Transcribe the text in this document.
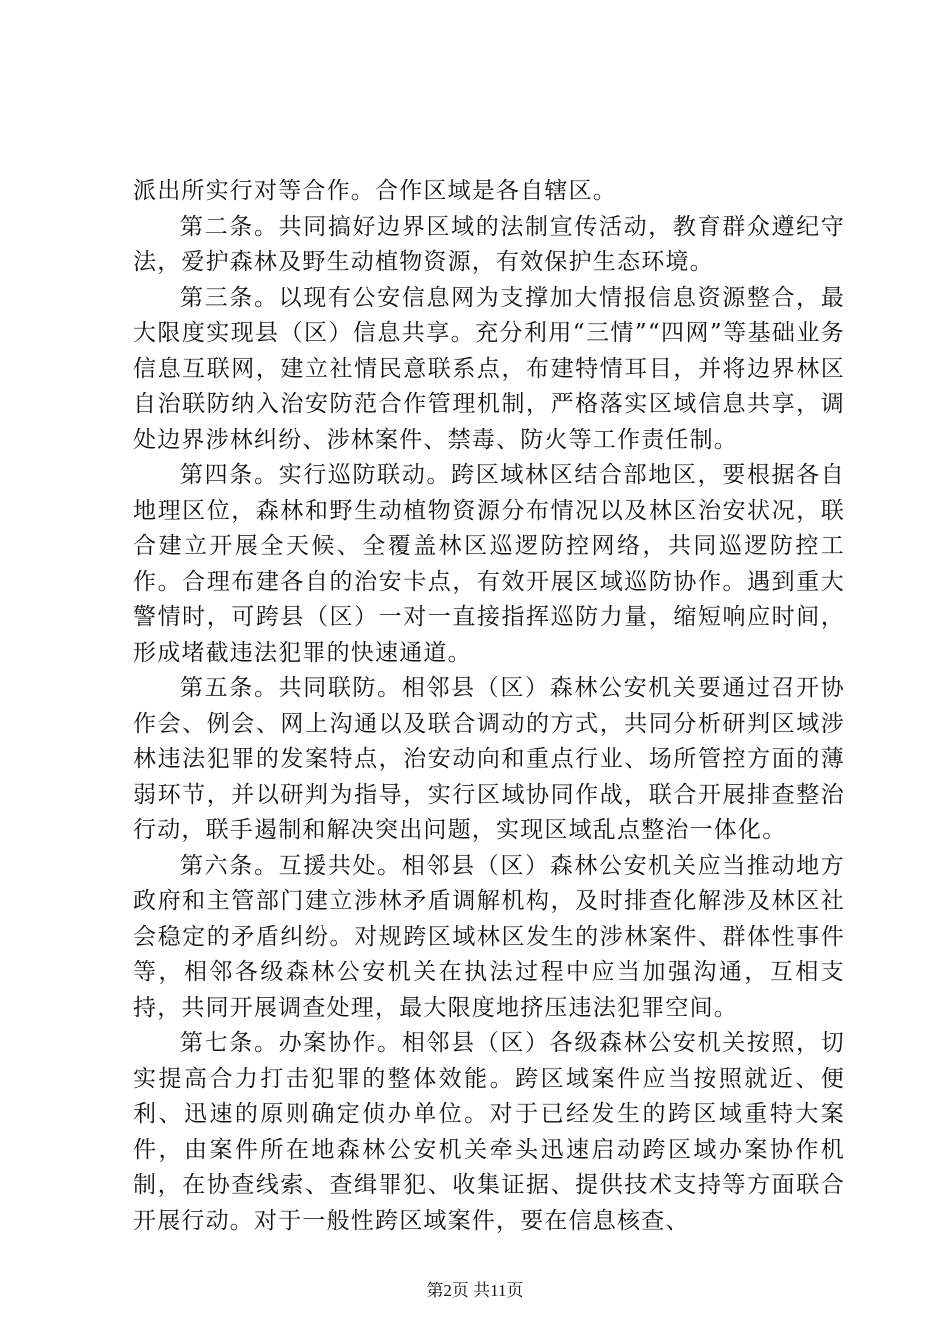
派出所实行对等合作。合作区域是各自辖区。

第二条。共同搞好边界区域的法制宣传活动，教育群众遵纪守法，爱护森林及野生动植物资源，有效保护生态环境。

第三条。以现有公安信息网为支撑加大情报信息资源整合，最大限度实现县（区）信息共享。充分利用“三情”“四网”等基础业务信息互联网，建立社情民意联系点，布建特情耳目，并将边界林区自治联防纳入治安防范合作管理机制，严格落实区域信息共享，调处边界涉林纠纷、涉林案件、禁毒、防火等工作责任制。

第四条。实行巡防联动。跨区域林区结合部地区，要根据各自地理区位，森林和野生动植物资源分布情况以及林区治安状况，联合建立开展全天候、全覆盖林区巡逻防控网络，共同巡逻防控工作。合理布建各自的治安卡点，有效开展区域巡防协作。遇到重大警情时，可跨县（区）一对一直接指挥巡防力量，缩短响应时间，形成堵截违法犯罪的快速通道。

第五条。共同联防。相邻县（区）森林公安机关要通过召开协作会、例会、网上沟通以及联合调动的方式，共同分析研判区域涉林违法犯罪的发案特点，治安动向和重点行业、场所管控方面的薄弱环节，并以研判为指导，实行区域协同作战，联合开展排查整治行动，联手遏制和解决突出问题，实现区域乱点整治一体化。

第六条。互援共处。相邻县（区）森林公安机关应当推动地方政府和主管部门建立涉林矛盾调解机构，及时排查化解涉及林区社会稳定的矛盾纠纷。对规跨区域林区发生的涉林案件、群体性事件等，相邻各级森林公安机关在执法过程中应当加强沟通，互相支持，共同开展调查处理，最大限度地挤压违法犯罪空间。

第七条。办案协作。相邻县（区）各级森林公安机关按照，切实提高合力打击犯罪的整体效能。跨区域案件应当按照就近、便利、迅速的原则确定侦办单位。对于已经发生的跨区域重特大案件，由案件所在地森林公安机关牵头迅速启动跨区域办案协作机制，在协查线索、查缉罪犯、收集证据、提供技术支持等方面联合开展行动。对于一般性跨区域案件，要在信息核查、

第2页 共11页
